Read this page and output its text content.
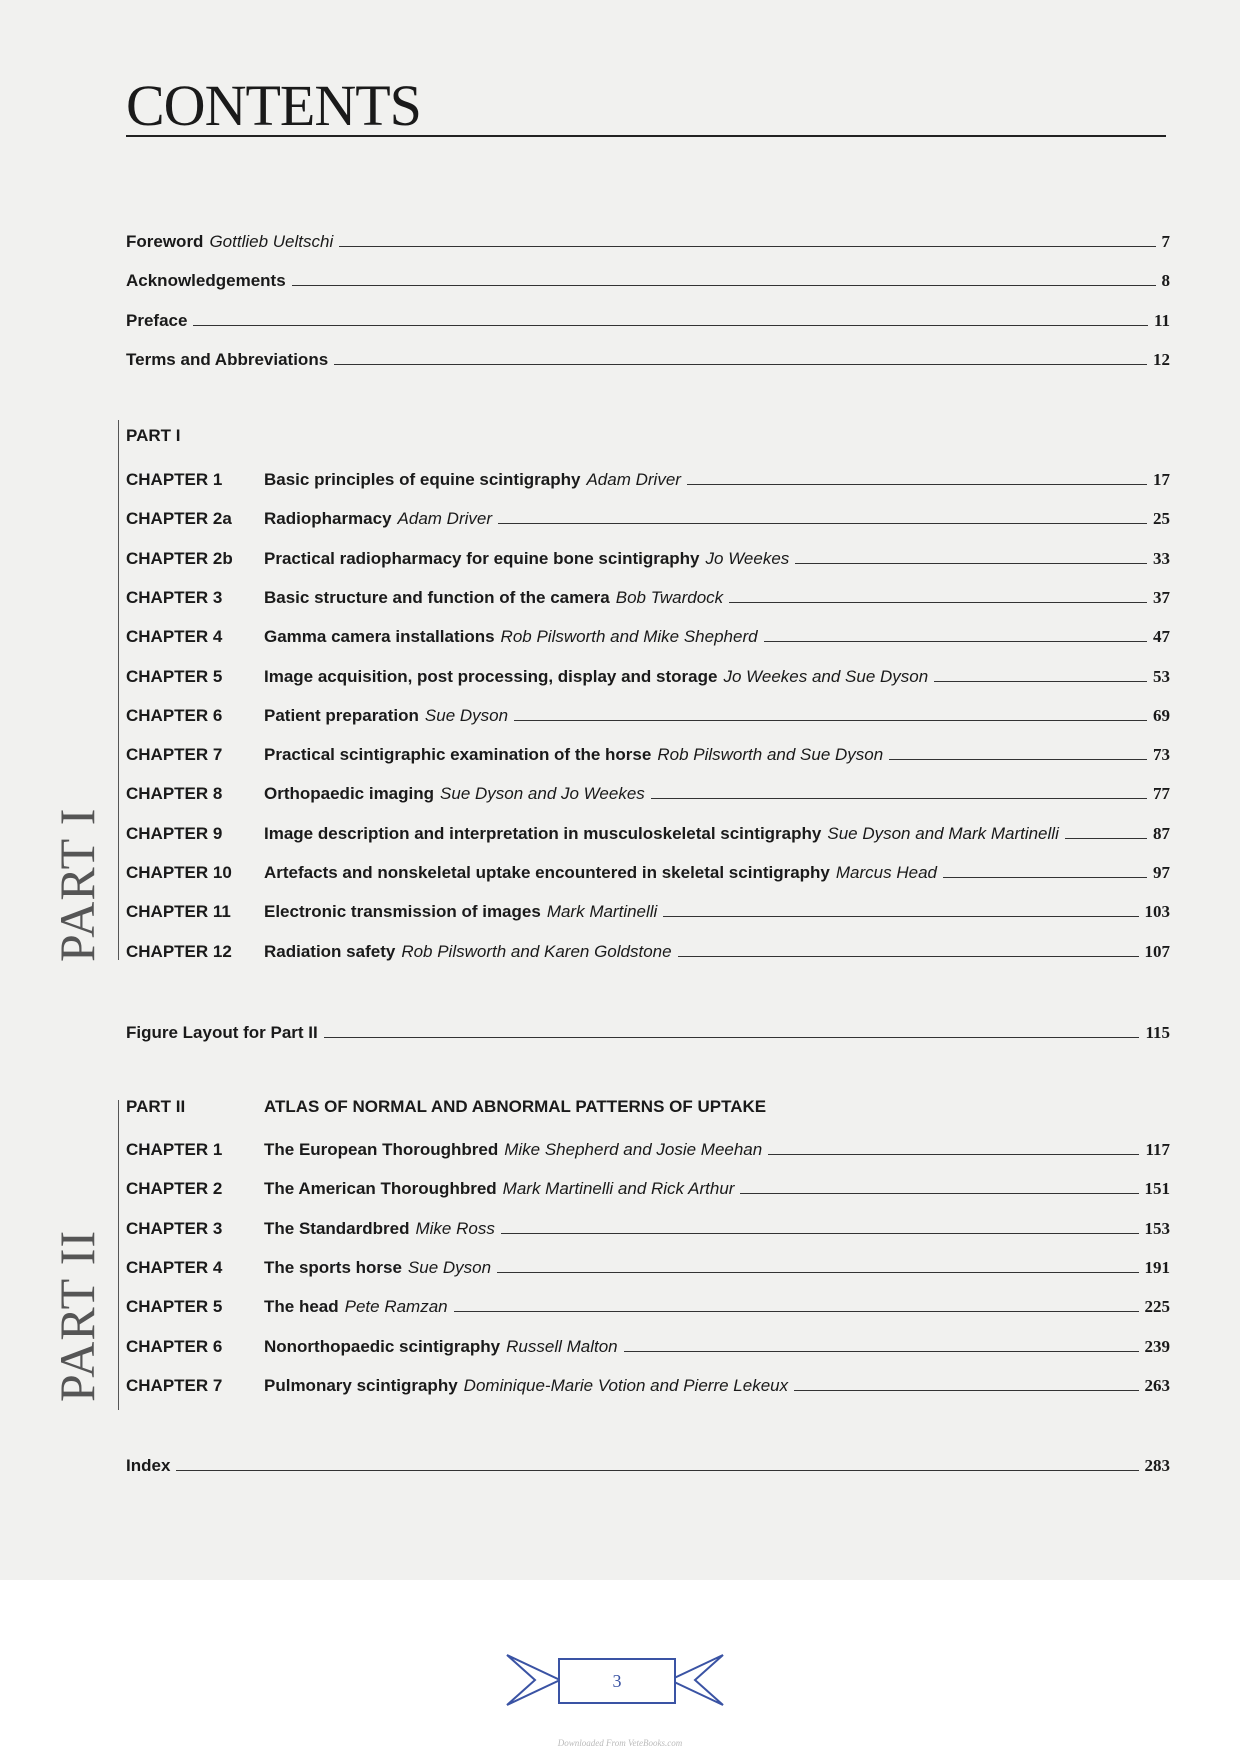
CONTENTS
Foreword Gottlieb Ueltschi	7
Acknowledgements	8
Preface	11
Terms and Abbreviations	12
PART I
PART I
CHAPTER 1 Basic principles of equine scintigraphy Adam Driver	17
CHAPTER 2a Radiopharmacy Adam Driver	25
CHAPTER 2b Practical radiopharmacy for equine bone scintigraphy Jo Weekes	33
CHAPTER 3 Basic structure and function of the camera Bob Twardock	37
CHAPTER 4 Gamma camera installations Rob Pilsworth and Mike Shepherd	47
CHAPTER 5 Image acquisition, post processing, display and storage Jo Weekes and Sue Dyson	53
CHAPTER 6 Patient preparation Sue Dyson	69
CHAPTER 7 Practical scintigraphic examination of the horse Rob Pilsworth and Sue Dyson	73
CHAPTER 8 Orthopaedic imaging Sue Dyson and Jo Weekes	77
CHAPTER 9 Image description and interpretation in musculoskeletal scintigraphy Sue Dyson and Mark Martinelli	87
CHAPTER 10 Artefacts and nonskeletal uptake encountered in skeletal scintigraphy Marcus Head	97
CHAPTER 11 Electronic transmission of images Mark Martinelli	103
CHAPTER 12 Radiation safety Rob Pilsworth and Karen Goldstone	107
Figure Layout for Part II	115
PART II	ATLAS OF NORMAL AND ABNORMAL PATTERNS OF UPTAKE
PART II
CHAPTER 1 The European Thoroughbred Mike Shepherd and Josie Meehan	117
CHAPTER 2 The American Thoroughbred Mark Martinelli and Rick Arthur	151
CHAPTER 3 The Standardbred Mike Ross	153
CHAPTER 4 The sports horse Sue Dyson	191
CHAPTER 5 The head Pete Ramzan	225
CHAPTER 6 Nonorthopaedic scintigraphy Russell Malton	239
CHAPTER 7 Pulmonary scintigraphy Dominique-Marie Votion and Pierre Lekeux	263
Index	283
3
Downloaded From VeteBooks.com
